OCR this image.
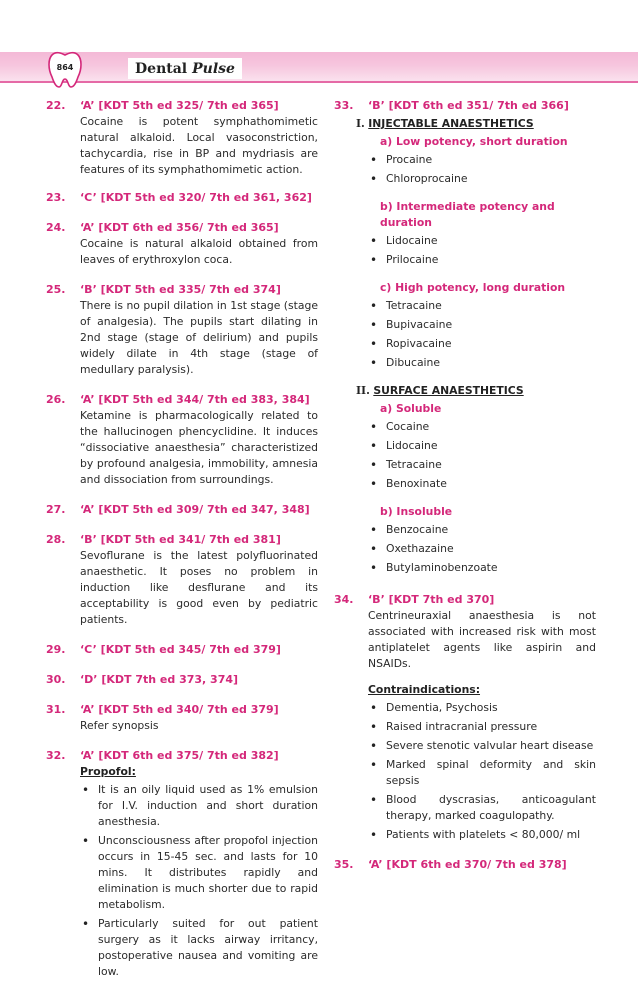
864	Dental Pulse
22. ‘A’ [KDT 5th ed 325/ 7th ed 365]
Cocaine is potent symphathomimetic natural alkaloid. Local vasoconstriction, tachycardia, rise in BP and mydriasis are features of its symphathomimetic action.
23. ‘C’ [KDT 5th ed 320/ 7th ed 361, 362]
24. ‘A’ [KDT 6th ed 356/ 7th ed 365]
Cocaine is natural alkaloid obtained from leaves of erythroxylon coca.
25. ‘B’ [KDT 5th ed 335/ 7th ed 374]
There is no pupil dilation in 1st stage (stage of analgesia). The pupils start dilating in 2nd stage (stage of delirium) and pupils widely dilate in 4th stage (stage of medullary paralysis).
26. ‘A’ [KDT 5th ed 344/ 7th ed 383, 384]
Ketamine is pharmacologically related to the hallucinogen phencyclidine. It induces “dissociative anaesthesia” characteristized by profound analgesia, immobility, amnesia and dissociation from surroundings.
27. ‘A’ [KDT 5th ed 309/ 7th ed 347, 348]
28. ‘B’ [KDT 5th ed 341/ 7th ed 381]
Sevoflurane is the latest polyfluorinated anaesthetic. It poses no problem in induction like desflurane and its acceptability is good even by pediatric patients.
29. ‘C’ [KDT 5th ed 345/ 7th ed 379]
30. ‘D’ [KDT 7th ed 373, 374]
31. ‘A’ [KDT 5th ed 340/ 7th ed 379]
Refer synopsis
32. ‘A’ [KDT 6th ed 375/ 7th ed 382]
Propofol:
• It is an oily liquid used as 1% emulsion for I.V. induction and short duration anesthesia.
• Unconsciousness after propofol injection occurs in 15-45 sec. and lasts for 10 mins. It distributes rapidly and elimination is much shorter due to rapid metabolism.
• Particularly suited for out patient surgery as it lacks airway irritancy, postoperative nausea and vomiting are low.
33. ‘B’ [KDT 6th ed 351/ 7th ed 366]
I. INJECTABLE ANAESTHETICS
a) Low potency, short duration
• Procaine
• Chloroprocaine
b) Intermediate potency and duration
• Lidocaine
• Prilocaine
c) High potency, long duration
• Tetracaine
• Bupivacaine
• Ropivacaine
• Dibucaine
II. SURFACE ANAESTHETICS
a) Soluble
• Cocaine
• Lidocaine
• Tetracaine
• Benoxinate
b) Insoluble
• Benzocaine
• Oxethazaine
• Butylaminobenzoate
34. ‘B’ [KDT 7th ed 370]
Centrineuraxial anaesthesia is not associated with increased risk with most antiplatelet agents like aspirin and NSAIDs.
Contraindications:
• Dementia, Psychosis
• Raised intracranial pressure
• Severe stenotic valvular heart disease
• Marked spinal deformity and skin sepsis
• Blood dyscrasias, anticoagulant therapy, marked coagulopathy.
• Patients with platelets < 80,000/ ml
35. ‘A’ [KDT 6th ed 370/ 7th ed 378]
